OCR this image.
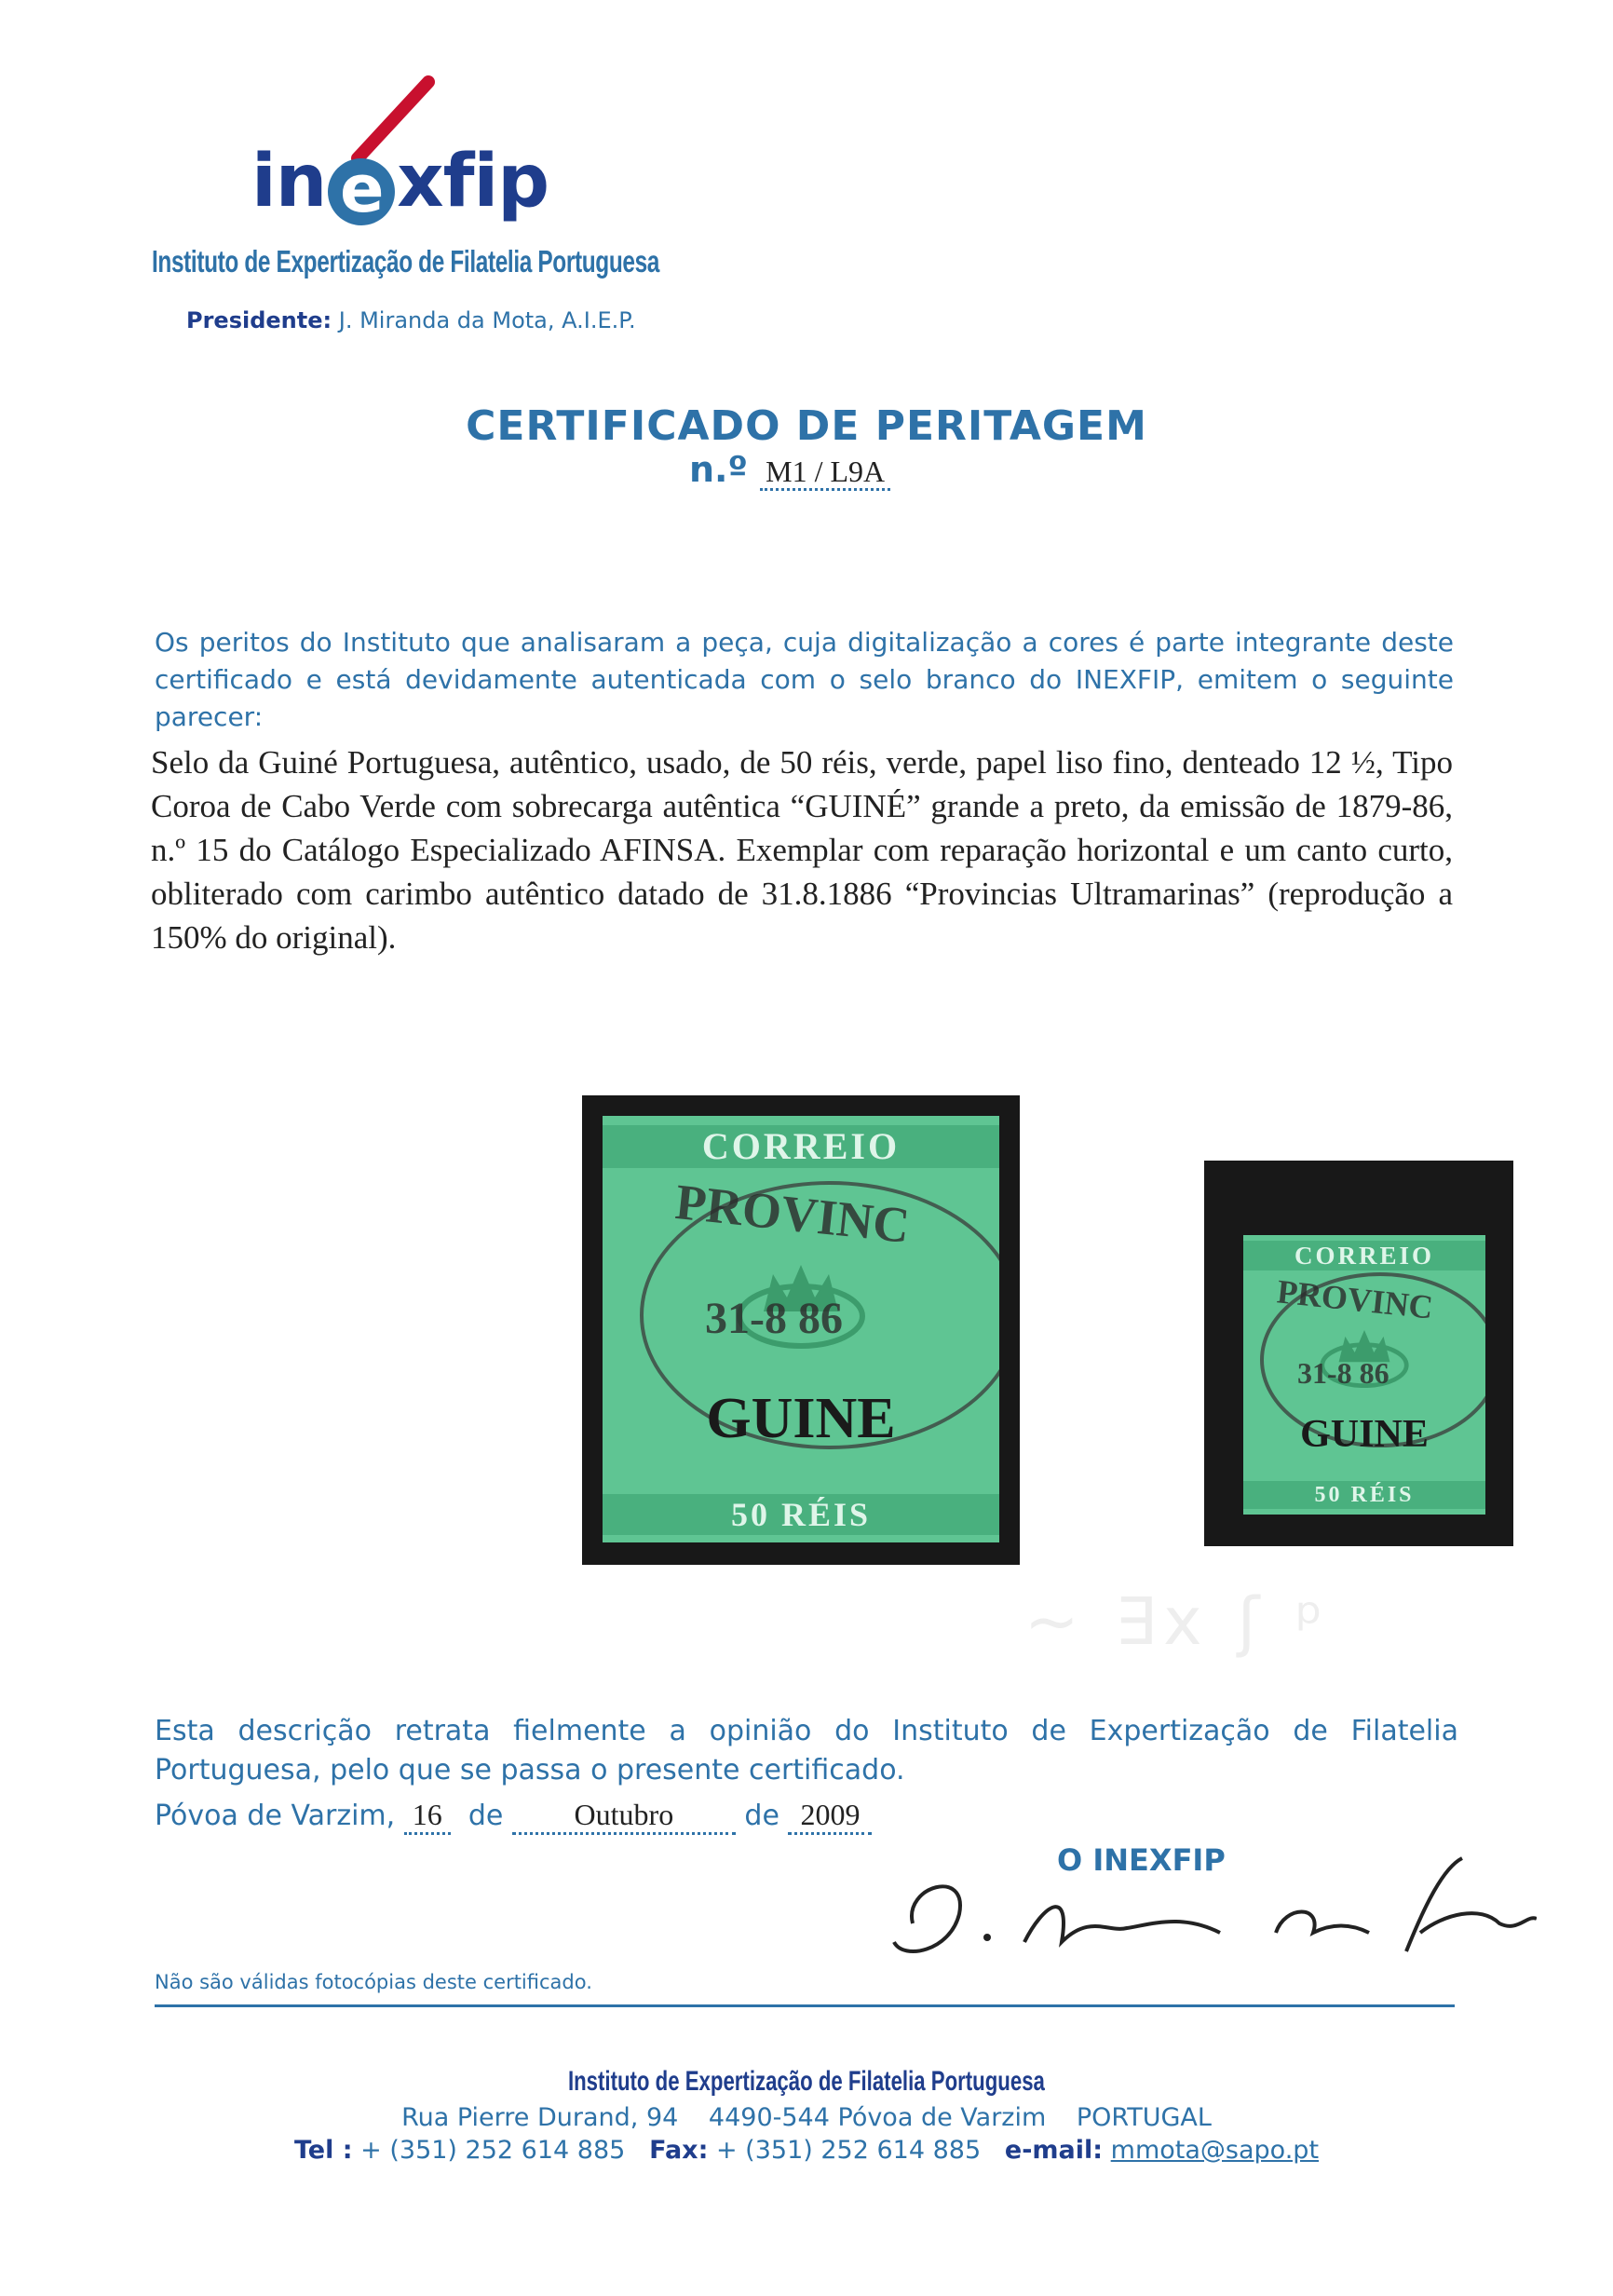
in e xfip
Instituto de Expertização de Filatelia Portuguesa
Presidente: J. Miranda da Mota, A.I.E.P.
CERTIFICADO DE PERITAGEM
n.º M1 / L9A
Os peritos do Instituto que analisaram a peça, cuja digitalização a cores é parte integrante deste certificado e está devidamente autenticada com o selo branco do INEXFIP, emitem o seguinte parecer:
Selo da Guiné Portuguesa, autêntico, usado, de 50 réis, verde, papel liso fino, denteado 12 ½, Tipo Coroa de Cabo Verde com sobrecarga autêntica “GUINÉ” grande a preto, da emissão de 1879-86, n.º 15 do Catálogo Especializado AFINSA. Exemplar com reparação horizontal e um canto curto, obliterado com carimbo autêntico datado de 31.8.1886 “Provincias Ultramarinas” (reprodução a 150% do original).
CORREIO
PROVINC
31-8 86
GUINE
50 RÉIS
CORREIO
PROVINC
31-8 86
GUINE
50 RÉIS
~ ∃x ʃ ᵖ
Esta descrição retrata fielmente a opinião do Instituto de Expertização de Filatelia Portuguesa, pelo que se passa o presente certificado.
Póvoa de Varzim, 16 de Outubro	de 2009
O INEXFIP
Não são válidas fotocópias deste certificado.
Instituto de Expertização de Filatelia Portuguesa
Rua Pierre Durand, 94 4490-544 Póvoa de Varzim PORTUGAL
Tel : + (351) 252 614 885 Fax: + (351) 252 614 885 e-mail: mmota@sapo.pt
